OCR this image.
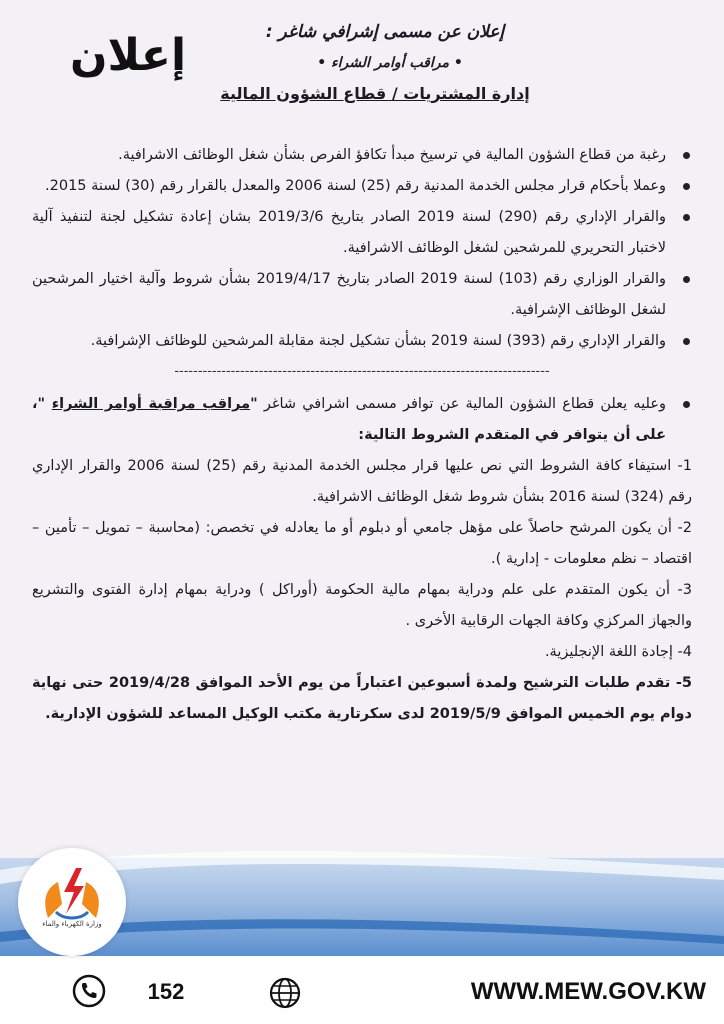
إعلان	إعلان عن مسمى إشرافي شاغر :
• مراقب أوامر الشراء •
إدارة المشتريات / قطاع الشؤون المالية

رغبة من قطاع الشؤون المالية في ترسيخ مبدأ تكافؤ الفرص بشأن شغل الوظائف الاشرافية.

وعملا بأحكام قرار مجلس الخدمة المدنية رقم (25) لسنة 2006 والمعدل بالقرار رقم (30) لسنة 2015.

والقرار الإداري رقم (290) لسنة 2019 الصادر بتاريخ 2019/3/6 بشان إعادة تشكيل لجنة لتنفيذ آلية لاختبار التحريري للمرشحين لشغل الوظائف الاشرافية.

والقرار الوزاري رقم (103) لسنة 2019 الصادر بتاريخ 2019/4/17 بشأن شروط وآلية اختيار المرشحين لشغل الوظائف الإشرافية.

والقرار الإداري رقم (393) لسنة 2019 بشأن تشكيل لجنة مقابلة المرشحين للوظائف الإشرافية.

--------------------------------------------------------------------------------

وعليه يعلن قطاع الشؤون المالية عن توافر مسمى اشرافي شاغر "مراقب مراقبة أوامر الشراء "، على أن يتوافر في المتقدم الشروط التالية:

1- استيفاء كافة الشروط التي نص عليها قرار مجلس الخدمة المدنية رقم (25) لسنة 2006 والقرار الإداري رقم (324) لسنة 2016 بشأن شروط شغل الوظائف الاشرافية.

2- أن يكون المرشح حاصلاً على مؤهل جامعي أو دبلوم أو ما يعادله في تخصص: (محاسبة – تمويل – تأمين – اقتصاد – نظم معلومات - إدارية ).

3- أن يكون المتقدم على علم ودراية بمهام مالية الحكومة (أوراكل ) ودراية بمهام إدارة الفتوى والتشريع والجهاز المركزي وكافة الجهات الرقابية الأخرى .

4- إجادة اللغة الإنجليزية.

5- تقدم طلبات الترشيح ولمدة أسبوعين اعتباراً من يوم الأحد الموافق 2019/4/28 حتى نهاية دوام يوم الخميس الموافق 2019/5/9 لدى سكرتارية مكتب الوكيل المساعد للشؤون الإدارية.

وزارة الكهرباء والماء
152	WWW.MEW.GOV.KW
